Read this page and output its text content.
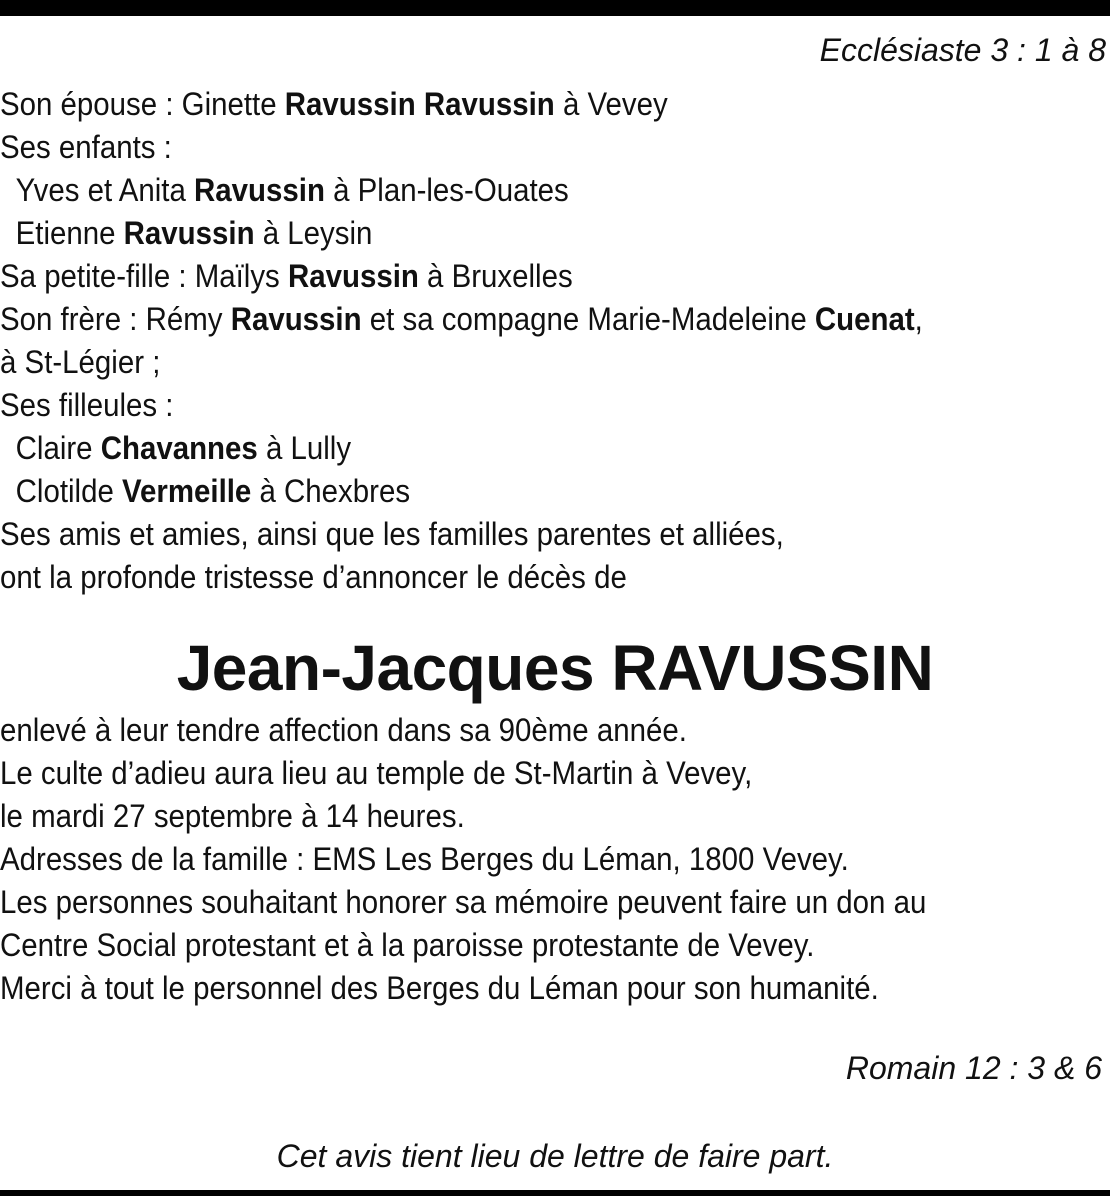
Ecclésiaste 3 : 1 à 8
Son épouse : Ginette Ravussin Ravussin à Vevey
Ses enfants :
Yves et Anita Ravussin à Plan-les-Ouates
Etienne Ravussin à Leysin
Sa petite-fille : Maïlys Ravussin à Bruxelles
Son frère : Rémy Ravussin et sa compagne Marie-Madeleine Cuenat,
à St-Légier ;
Ses filleules :
Claire Chavannes à Lully
Clotilde Vermeille à Chexbres
Ses amis et amies, ainsi que les familles parentes et alliées,
ont la profonde tristesse d’annoncer le décès de
Jean-Jacques RAVUSSIN
enlevé à leur tendre affection dans sa 90ème année.
Le culte d’adieu aura lieu au temple de St-Martin à Vevey,
le mardi 27 septembre à 14 heures.
Adresses de la famille : EMS Les Berges du Léman, 1800 Vevey.
Les personnes souhaitant honorer sa mémoire peuvent faire un don au
Centre Social protestant et à la paroisse protestante de Vevey.
Merci à tout le personnel des Berges du Léman pour son humanité.
Romain 12 : 3 & 6
Cet avis tient lieu de lettre de faire part.
